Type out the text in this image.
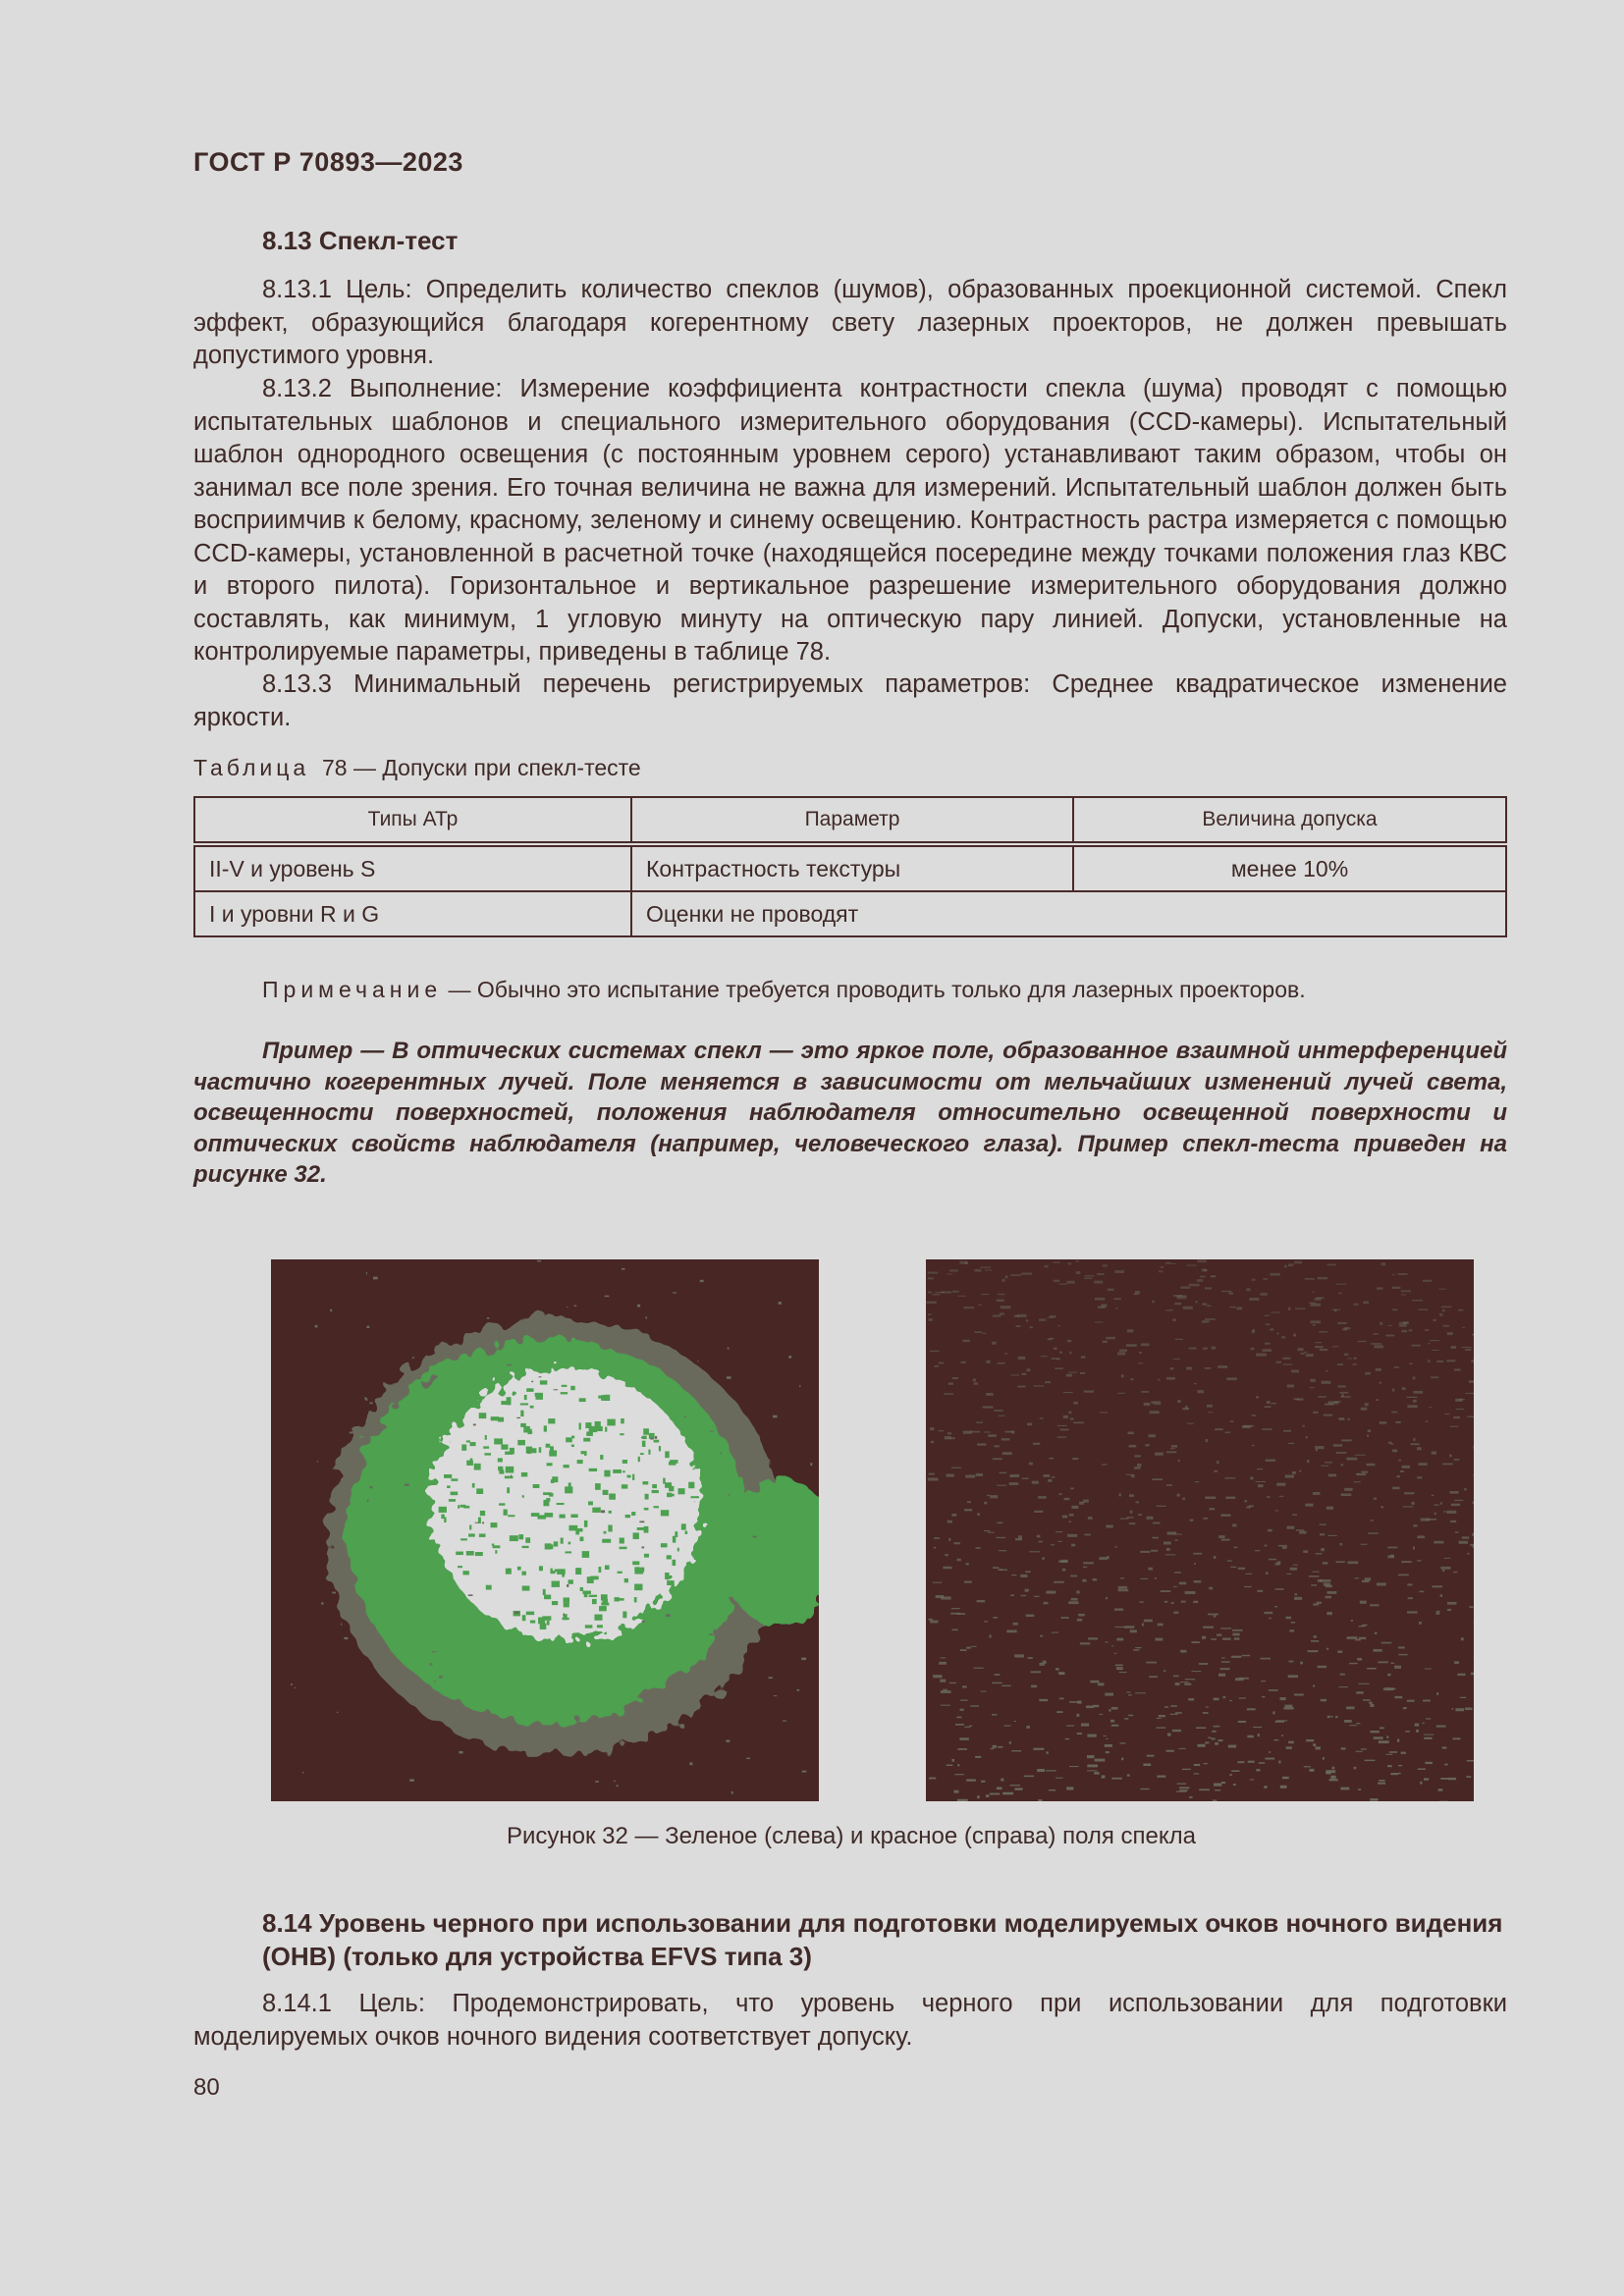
ГОСТ Р 70893—2023
8.13 Спекл-тест
8.13.1 Цель: Определить количество спеклов (шумов), образованных проекционной системой. Спекл эффект, образующийся благодаря когерентному свету лазерных проекторов, не должен превышать допустимого уровня.
8.13.2 Выполнение: Измерение коэффициента контрастности спекла (шума) проводят с помощью испытательных шаблонов и специального измерительного оборудования (CCD-камеры). Испытательный шаблон однородного освещения (с постоянным уровнем серого) устанавливают таким образом, чтобы он занимал все поле зрения. Его точная величина не важна для измерений. Испытательный шаблон должен быть восприимчив к белому, красному, зеленому и синему освещению. Контрастность растра измеряется с помощью CCD-камеры, установленной в расчетной точке (находящейся посередине между точками положения глаз КВС и второго пилота). Горизонтальное и вертикальное разрешение измерительного оборудования должно составлять, как минимум, 1 угловую минуту на оптическую пару линией. Допуски, установленные на контролируемые параметры, приведены в таблице 78.
8.13.3 Минимальный перечень регистрируемых параметров: Среднее квадратическое изменение яркости.
Таблица 78 — Допуски при спекл-тесте
Типы АТр	Параметр	Величина допуска
II-V и уровень S	Контрастность текстуры	менее 10%
I и уровни R и G	Оценки не проводят	
Примечание — Обычно это испытание требуется проводить только для лазерных проекторов.
Пример — В оптических системах спекл — это яркое поле, образованное взаимной интерференцией частично когерентных лучей. Поле меняется в зависимости от мельчайших изменений лучей света, освещенности поверхностей, положения наблюдателя относительно освещенной поверхности и оптических свойств наблюдателя (например, человеческого глаза). Пример спекл-теста приведен на рисунке 32.
Рисунок 32 — Зеленое (слева) и красное (справа) поля спекла
8.14 Уровень черного при использовании для подготовки моделируемых очков ночного видения (ОНВ) (только для устройства EFVS типа 3)
8.14.1 Цель: Продемонстрировать, что уровень черного при использовании для подготовки моделируемых очков ночного видения соответствует допуску.
80
